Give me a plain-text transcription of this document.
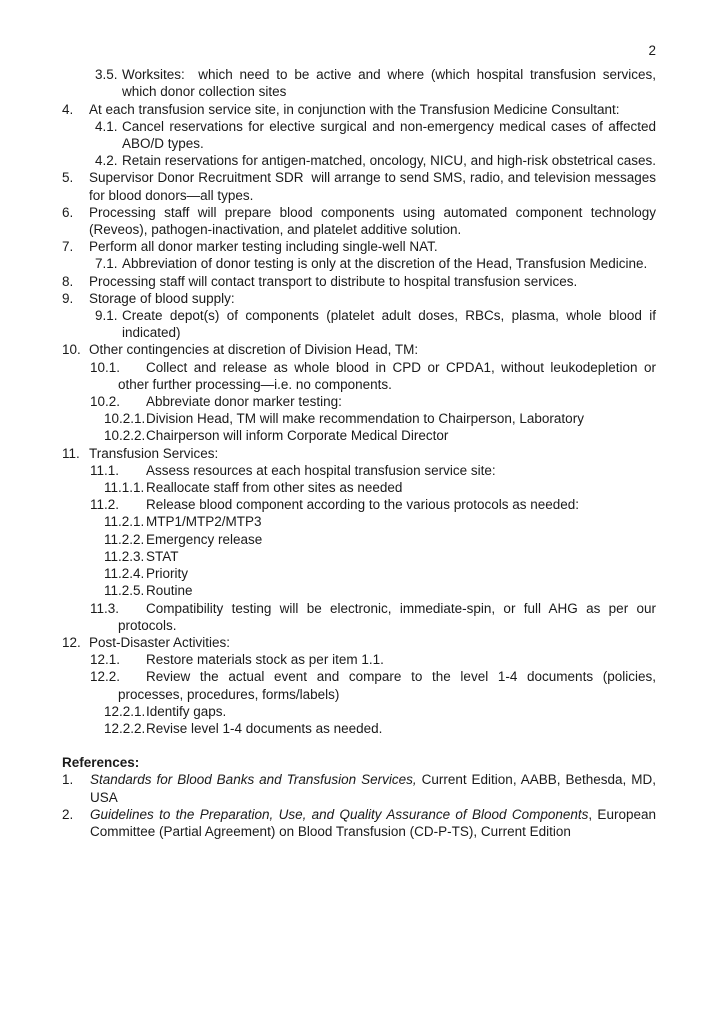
2
3.5. Worksites:  which need to be active and where (which hospital transfusion services, which donor collection sites
4. At each transfusion service site, in conjunction with the Transfusion Medicine Consultant:
4.1. Cancel reservations for elective surgical and non-emergency medical cases of affected ABO/D types.
4.2. Retain reservations for antigen-matched, oncology, NICU, and high-risk obstetrical cases.
5. Supervisor Donor Recruitment SDR  will arrange to send SMS, radio, and television messages for blood donors—all types.
6. Processing staff will prepare blood components using automated component technology (Reveos), pathogen-inactivation, and platelet additive solution.
7. Perform all donor marker testing including single-well NAT.
7.1. Abbreviation of donor testing is only at the discretion of the Head, Transfusion Medicine.
8. Processing staff will contact transport to distribute to hospital transfusion services.
9. Storage of blood supply:
9.1. Create depot(s) of components (platelet adult doses, RBCs, plasma, whole blood if indicated)
10. Other contingencies at discretion of Division Head, TM:
10.1. Collect and release as whole blood in CPD or CPDA1, without leukodepletion or other further processing—i.e. no components.
10.2. Abbreviate donor marker testing:
10.2.1. Division Head, TM will make recommendation to Chairperson, Laboratory
10.2.2. Chairperson will inform Corporate Medical Director
11. Transfusion Services:
11.1. Assess resources at each hospital transfusion service site:
11.1.1. Reallocate staff from other sites as needed
11.2. Release blood component according to the various protocols as needed:
11.2.1. MTP1/MTP2/MTP3
11.2.2. Emergency release
11.2.3. STAT
11.2.4. Priority
11.2.5. Routine
11.3. Compatibility testing will be electronic, immediate-spin, or full AHG as per our protocols.
12. Post-Disaster Activities:
12.1. Restore materials stock as per item 1.1.
12.2. Review the actual event and compare to the level 1-4 documents (policies, processes, procedures, forms/labels)
12.2.1. Identify gaps.
12.2.2. Revise level 1-4 documents as needed.
References:
1. Standards for Blood Banks and Transfusion Services, Current Edition, AABB, Bethesda, MD, USA
2. Guidelines to the Preparation, Use, and Quality Assurance of Blood Components, European Committee (Partial Agreement) on Blood Transfusion (CD-P-TS), Current Edition
